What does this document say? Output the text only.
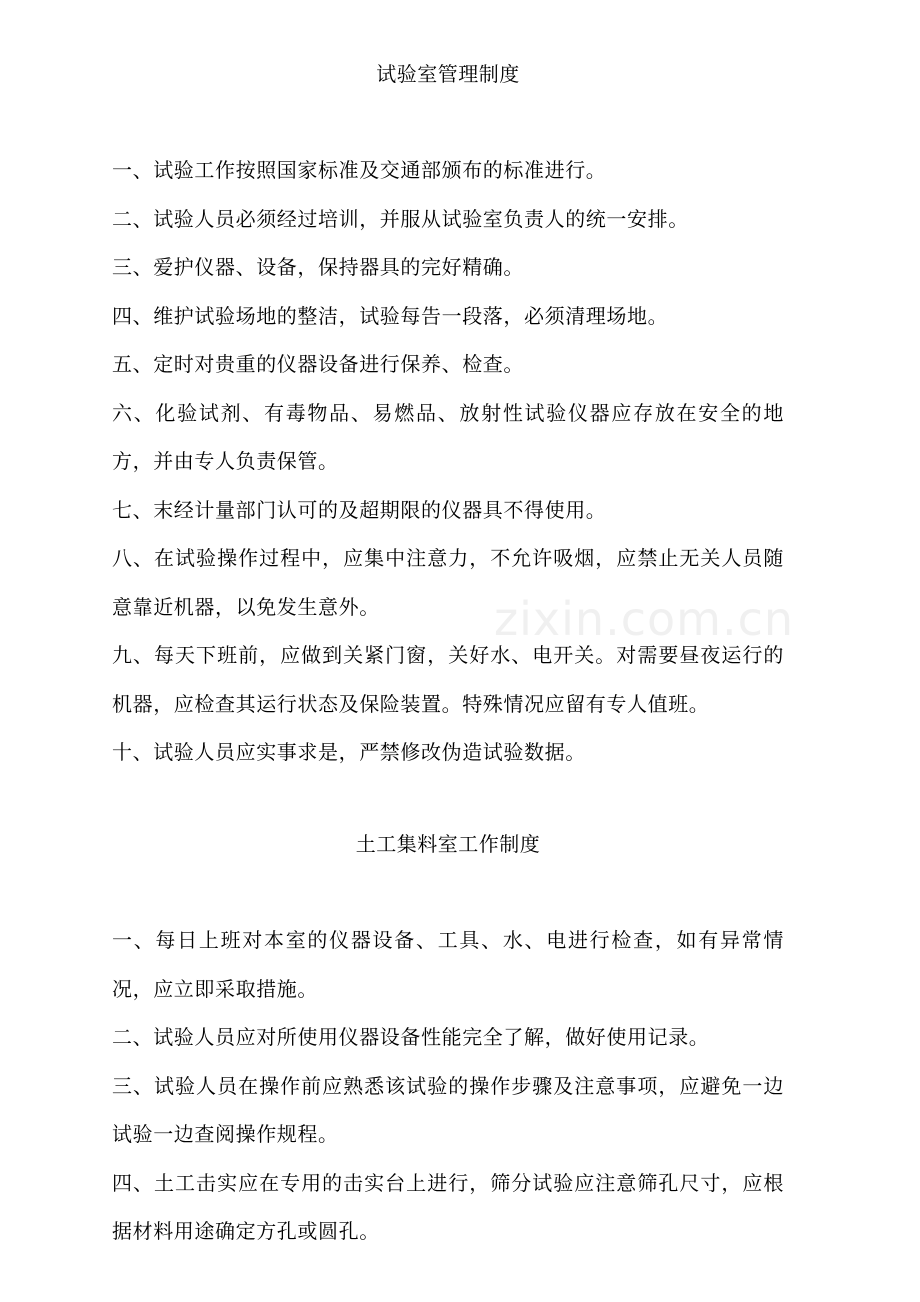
试验室管理制度
一、试验工作按照国家标准及交通部颁布的标准进行。
二、试验人员必须经过培训，并服从试验室负责人的统一安排。
三、爱护仪器、设备，保持器具的完好精确。
四、维护试验场地的整洁，试验每告一段落，必须清理场地。
五、定时对贵重的仪器设备进行保养、检查。
六、化验试剂、有毒物品、易燃品、放射性试验仪器应存放在安全的地方，并由专人负责保管。
七、末经计量部门认可的及超期限的仪器具不得使用。
八、在试验操作过程中，应集中注意力，不允许吸烟，应禁止无关人员随意靠近机器，以免发生意外。
九、每天下班前，应做到关紧门窗，关好水、电开关。对需要昼夜运行的机器，应检查其运行状态及保险装置。特殊情况应留有专人值班。
十、试验人员应实事求是，严禁修改伪造试验数据。
土工集料室工作制度
一、每日上班对本室的仪器设备、工具、水、电进行检查，如有异常情况，应立即采取措施。
二、试验人员应对所使用仪器设备性能完全了解，做好使用记录。
三、试验人员在操作前应熟悉该试验的操作步骤及注意事项，应避免一边试验一边查阅操作规程。
四、土工击实应在专用的击实台上进行，筛分试验应注意筛孔尺寸，应根据材料用途确定方孔或圆孔。
zixin.com.cn
